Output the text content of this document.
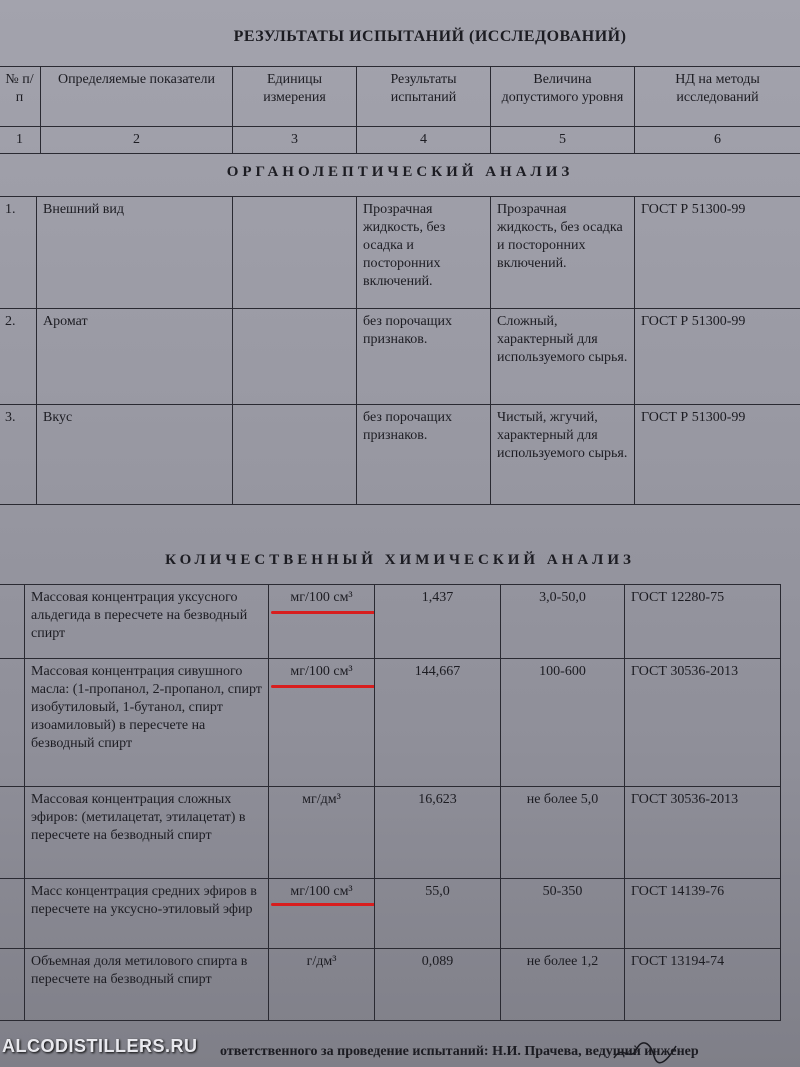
РЕЗУЛЬТАТЫ ИСПЫТАНИЙ (ИССЛЕДОВАНИЙ)
№ п/п	Определяемые показатели	Единицы измерения	Результаты испытаний	Величина допустимого уровня	НД на методы исследований
1	2	3	4	5	6
ОРГАНОЛЕПТИЧЕСКИЙ АНАЛИЗ
1.	Внешний вид		Прозрачная жидкость, без осадка и посторонних включений.	Прозрачная жидкость, без осадка и посторонних включений.	ГОСТ Р 51300-99
2.	Аромат		без порочащих признаков.	Сложный, характерный для используемого сырья.	ГОСТ Р 51300-99
3.	Вкус		без порочащих признаков.	Чистый, жгучий, характерный для используемого сырья.	ГОСТ Р 51300-99
КОЛИЧЕСТВЕННЫЙ ХИМИЧЕСКИЙ АНАЛИЗ
	Массовая концентрация уксусного альдегида в пересчете на безводный спирт	мг/100 см³	1,437	3,0-50,0	ГОСТ 12280-75
	Массовая концентрация сивушного масла: (1-пропанол, 2-пропанол, спирт изобутиловый, 1-бутанол, спирт изоамиловый) в пересчете на безводный спирт	мг/100 см³	144,667	100-600	ГОСТ 30536-2013
	Массовая концентрация сложных эфиров: (метилацетат, этилацетат) в пересчете на безводный спирт	мг/дм³	16,623	не более 5,0	ГОСТ 30536-2013
	Масс концентрация средних эфиров в пересчете на уксусно-этиловый эфир	мг/100 см³	55,0	50-350	ГОСТ 14139-76
	Объемная доля метилового спирта в пересчете на безводный спирт	г/дм³	0,089	не более 1,2	ГОСТ 13194-74
ответственного за проведение испытаний: Н.И. Прачева, ведущий инженер
ALCODISTILLERS.RU
